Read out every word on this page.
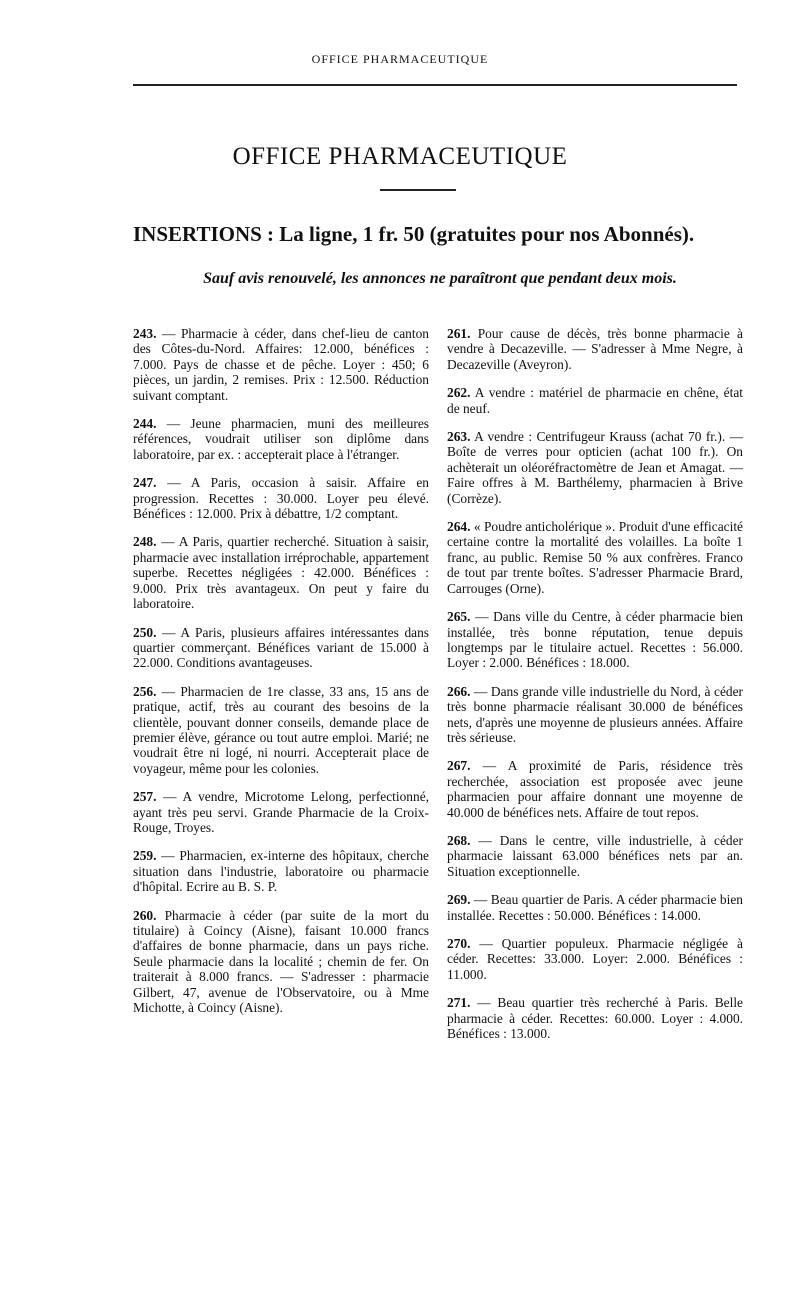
OFFICE PHARMACEUTIQUE
OFFICE PHARMACEUTIQUE
INSERTIONS : La ligne, 1 fr. 50 (gratuites pour nos Abonnés).
Sauf avis renouvelé, les annonces ne paraîtront que pendant deux mois.

243. — Pharmacie à céder, dans chef-lieu de canton des Côtes-du-Nord. Affaires: 12.000, bénéfices : 7.000. Pays de chasse et de pêche. Loyer : 450; 6 pièces, un jardin, 2 remises. Prix : 12.500. Réduction suivant comptant.

244. — Jeune pharmacien, muni des meilleures références, voudrait utiliser son diplôme dans laboratoire, par ex. : accepterait place à l'étranger.

247. — A Paris, occasion à saisir. Affaire en progression. Recettes : 30.000. Loyer peu élevé. Bénéfices : 12.000. Prix à débattre, 1/2 comptant.

248. — A Paris, quartier recherché. Situation à saisir, pharmacie avec installation irréprochable, appartement superbe. Recettes négligées : 42.000. Bénéfices : 9.000. Prix très avantageux. On peut y faire du laboratoire.

250. — A Paris, plusieurs affaires intéressantes dans quartier commerçant. Bénéfices variant de 15.000 à 22.000. Conditions avantageuses.

256. — Pharmacien de 1re classe, 33 ans, 15 ans de pratique, actif, très au courant des besoins de la clientèle, pouvant donner conseils, demande place de premier élève, gérance ou tout autre emploi. Marié; ne voudrait être ni logé, ni nourri. Accepterait place de voyageur, même pour les colonies.

257. — A vendre, Microtome Lelong, perfectionné, ayant très peu servi. Grande Pharmacie de la Croix-Rouge, Troyes.

259. — Pharmacien, ex-interne des hôpitaux, cherche situation dans l'industrie, laboratoire ou pharmacie d'hôpital. Ecrire au B. S. P.

260. Pharmacie à céder (par suite de la mort du titulaire) à Coincy (Aisne), faisant 10.000 francs d'affaires de bonne pharmacie, dans un pays riche. Seule pharmacie dans la localité ; chemin de fer. On traiterait à 8.000 francs. — S'adresser : pharmacie Gilbert, 47, avenue de l'Observatoire, ou à Mme Michotte, à Coincy (Aisne).

261. Pour cause de décès, très bonne pharmacie à vendre à Decazeville. — S'adresser à Mme Negre, à Decazeville (Aveyron).

262. A vendre : matériel de pharmacie en chêne, état de neuf.

263. A vendre : Centrifugeur Krauss (achat 70 fr.). — Boîte de verres pour opticien (achat 100 fr.). On achèterait un oléoréfractomètre de Jean et Amagat. — Faire offres à M. Barthélemy, pharmacien à Brive (Corrèze).

264. « Poudre anticholérique ». Produit d'une efficacité certaine contre la mortalité des volailles. La boîte 1 franc, au public. Remise 50 % aux confrères. Franco de tout par trente boîtes. S'adresser Pharmacie Brard, Carrouges (Orne).

265. — Dans ville du Centre, à céder pharmacie bien installée, très bonne réputation, tenue depuis longtemps par le titulaire actuel. Recettes : 56.000. Loyer : 2.000. Bénéfices : 18.000.

266. — Dans grande ville industrielle du Nord, à céder très bonne pharmacie réalisant 30.000 de bénéfices nets, d'après une moyenne de plusieurs années. Affaire très sérieuse.

267. — A proximité de Paris, résidence très recherchée, association est proposée avec jeune pharmacien pour affaire donnant une moyenne de 40.000 de bénéfices nets. Affaire de tout repos.

268. — Dans le centre, ville industrielle, à céder pharmacie laissant 63.000 bénéfices nets par an. Situation exceptionnelle.

269. — Beau quartier de Paris. A céder pharmacie bien installée. Recettes : 50.000. Bénéfices : 14.000.

270. — Quartier populeux. Pharmacie négligée à céder. Recettes: 33.000. Loyer: 2.000. Bénéfices : 11.000.

271. — Beau quartier très recherché à Paris. Belle pharmacie à céder. Recettes: 60.000. Loyer : 4.000. Bénéfices : 13.000.
